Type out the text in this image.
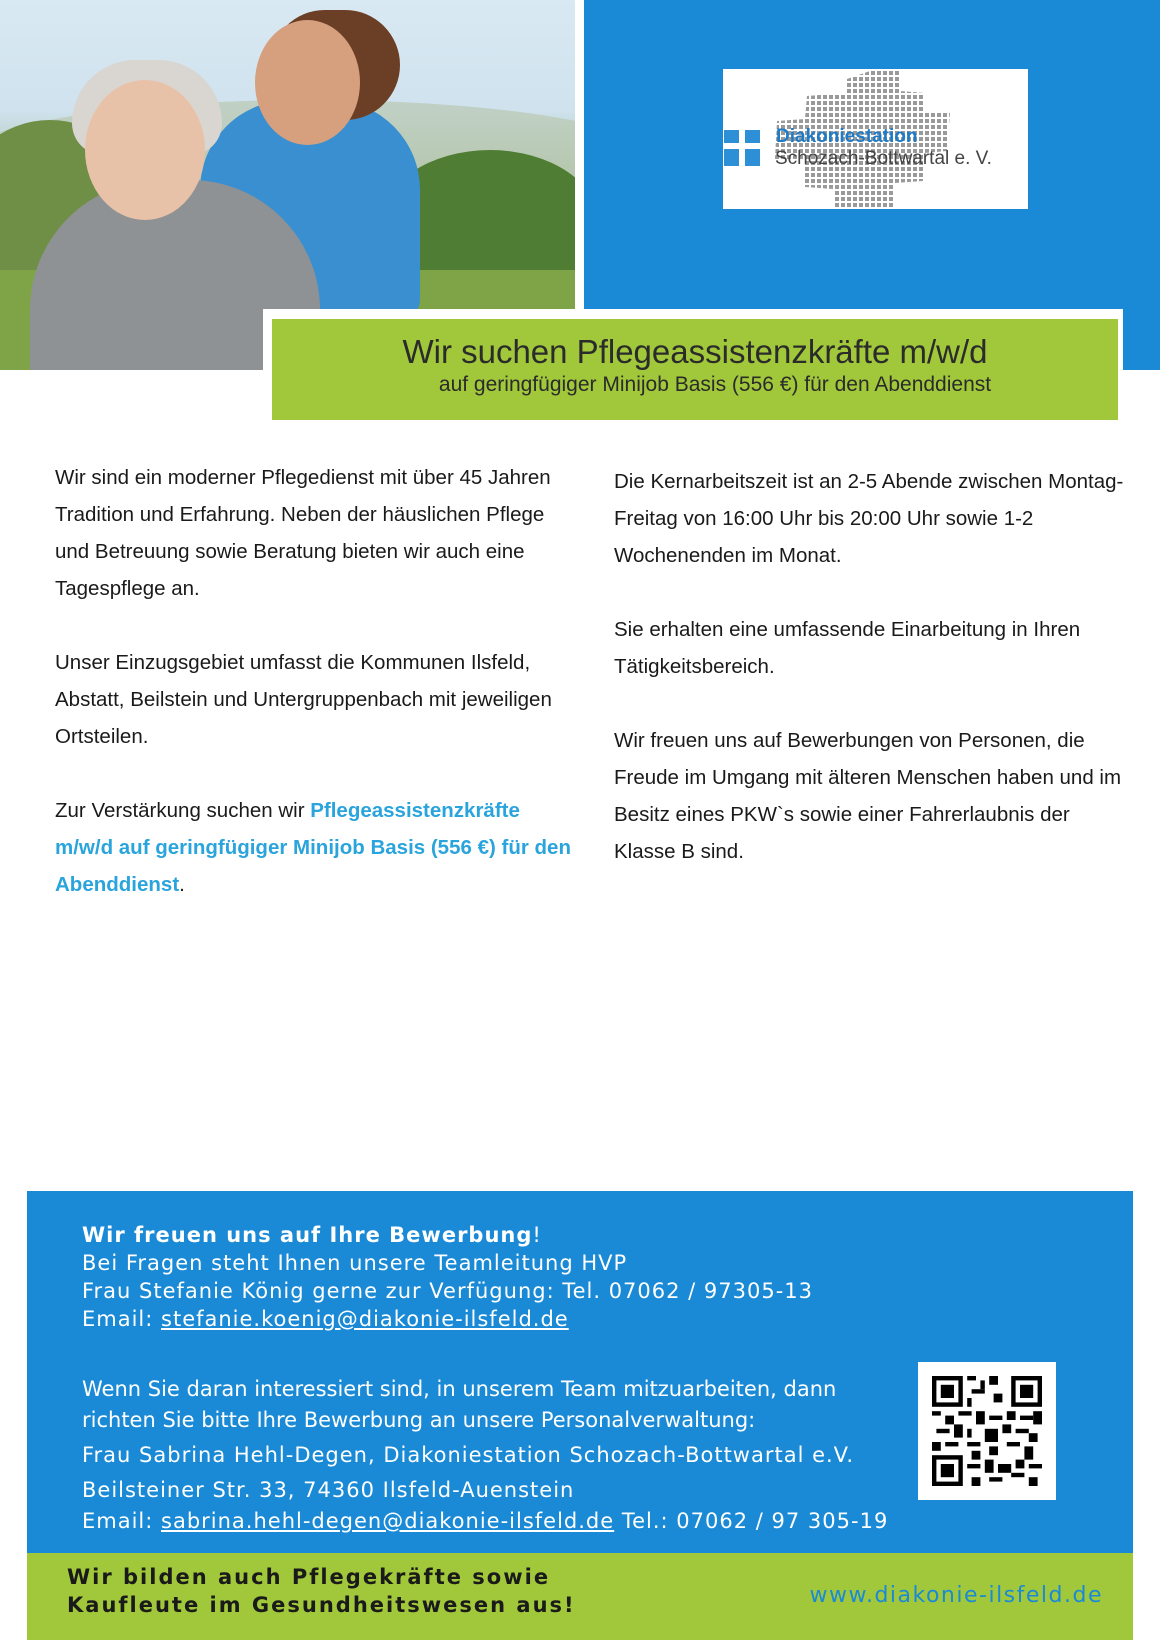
Diakoniestation
Schozach-Bottwartal e. V.
Wir suchen Pflegeassistenzkräfte m/w/d
auf geringfügiger Minijob Basis (556 €) für den Abenddienst

Wir sind ein moderner Pflegedienst mit über 45 Jahren Tradition und Erfahrung. Neben der häuslichen Pflege und Betreuung sowie Beratung bieten wir auch eine Tagespflege an.

Unser Einzugsgebiet umfasst die Kommunen Ilsfeld, Abstatt, Beilstein und Untergruppenbach mit jeweiligen Ortsteilen.

Zur Verstärkung suchen wir Pflegeassistenzkräfte m/w/d auf geringfügiger Minijob Basis (556 €) für den Abenddienst.

Die Kernarbeitszeit ist an 2-5 Abende zwischen Montag-Freitag von 16:00 Uhr bis 20:00 Uhr sowie 1-2 Wochenenden im Monat.

Sie erhalten eine umfassende Einarbeitung in Ihren Tätigkeitsbereich.

Wir freuen uns auf Bewerbungen von Personen, die Freude im Umgang mit älteren Menschen haben und im Besitz eines PKW`s sowie einer Fahrerlaubnis der Klasse B sind.

Wir freuen uns auf Ihre Bewerbung!
Bei Fragen steht Ihnen unsere Teamleitung HVP
Frau Stefanie König gerne zur Verfügung: Tel. 07062 / 97305-13
Email: stefanie.koenig@diakonie-ilsfeld.de
Wenn Sie daran interessiert sind, in unserem Team mitzuarbeiten, dann
richten Sie bitte Ihre Bewerbung an unsere Personalverwaltung:
Frau Sabrina Hehl-Degen, Diakoniestation Schozach-Bottwartal e.V.
Beilsteiner Str. 33, 74360 Ilsfeld-Auenstein
Email: sabrina.hehl-degen@diakonie-ilsfeld.de Tel.: 07062 / 97 305-19
Wir bilden auch Pflegekräfte sowie
Kaufleute im Gesundheitswesen aus!	www.diakonie-ilsfeld.de
